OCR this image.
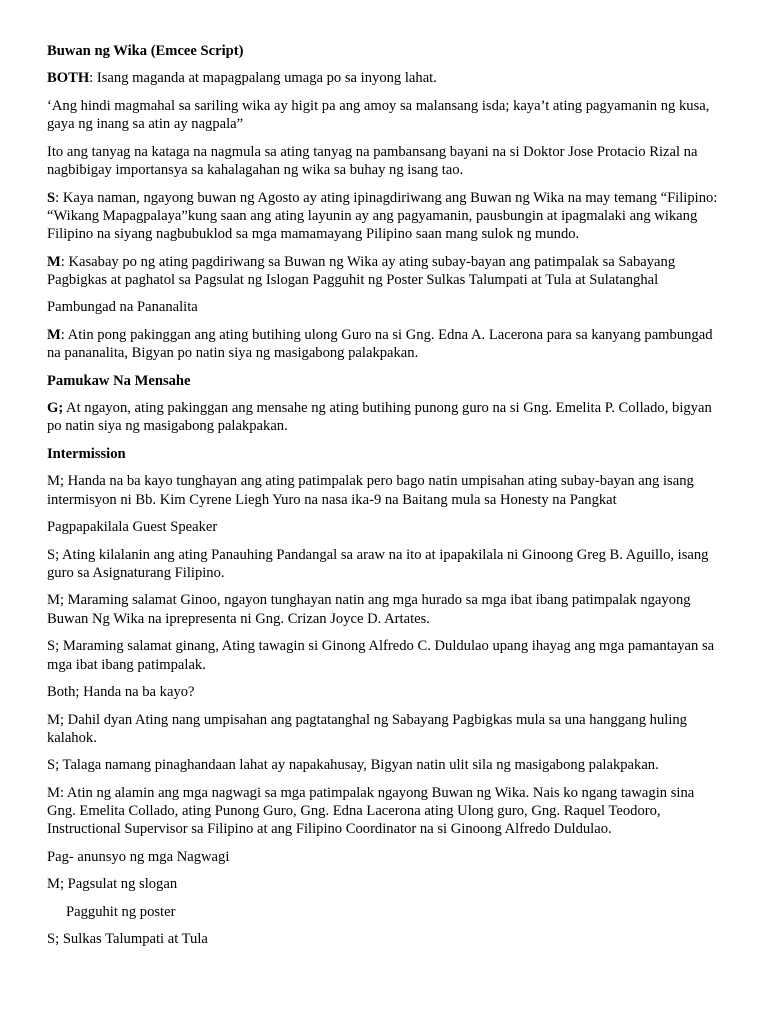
Buwan ng Wika (Emcee Script)

BOTH: Isang maganda at mapagpalang umaga po sa inyong lahat.

‘Ang hindi magmahal sa sariling wika ay higit pa ang amoy sa malansang isda; kaya’t ating pagyamanin ng kusa, gaya ng inang sa atin ay nagpala”

Ito ang tanyag na kataga na nagmula sa ating tanyag na pambansang bayani na si Doktor Jose Protacio Rizal na nagbibigay importansya sa kahalagahan ng wika sa buhay ng isang tao.

S: Kaya naman, ngayong buwan ng Agosto ay ating ipinagdiriwang ang Buwan ng Wika na may temang “Filipino: “Wikang Mapagpalaya”kung saan ang ating layunin ay ang pagyamanin, pausbungin at ipagmalaki ang wikang Filipino na siyang nagbubuklod sa mga mamamayang Pilipino saan mang sulok ng mundo.

M: Kasabay po ng ating pagdiriwang sa Buwan ng Wika ay ating subay-bayan ang patimpalak sa Sabayang Pagbigkas at paghatol sa Pagsulat ng Islogan Pagguhit ng Poster Sulkas Talumpati at Tula at Sulatanghal

Pambungad na Pananalita

M: Atin pong pakinggan ang ating butihing ulong Guro na si Gng. Edna A. Lacerona para sa kanyang pambungad na pananalita, Bigyan po natin siya ng masigabong palakpakan.

Pamukaw Na Mensahe

G; At ngayon, ating pakinggan ang mensahe ng ating butihing punong guro na si Gng. Emelita P. Collado, bigyan po natin siya ng masigabong palakpakan.

Intermission

M; Handa na ba kayo tunghayan ang ating patimpalak pero bago natin umpisahan ating subay-bayan ang isang intermisyon ni Bb. Kim Cyrene Liegh Yuro na nasa ika-9 na Baitang mula sa Honesty na Pangkat

Pagpapakilala Guest Speaker

S; Ating kilalanin ang ating Panauhing Pandangal sa araw na ito at ipapakilala ni Ginoong Greg B. Aguillo, isang guro sa Asignaturang Filipino.

M; Maraming salamat Ginoo, ngayon tunghayan natin ang mga hurado sa mga ibat ibang patimpalak ngayong Buwan Ng Wika na iprepresenta ni Gng. Crizan Joyce D. Artates.

S; Maraming salamat ginang, Ating tawagin si Ginong Alfredo C. Duldulao upang ihayag ang mga pamantayan sa mga ibat ibang patimpalak.

Both; Handa na ba kayo?

M; Dahil dyan Ating nang umpisahan ang pagtatanghal ng Sabayang Pagbigkas mula sa una hanggang huling kalahok.

S; Talaga namang pinaghandaan lahat ay napakahusay, Bigyan natin ulit sila ng masigabong palakpakan.

M: Atin ng alamin ang mga nagwagi sa mga patimpalak ngayong Buwan ng Wika. Nais ko ngang tawagin sina Gng. Emelita Collado, ating Punong Guro, Gng. Edna Lacerona ating Ulong guro, Gng. Raquel Teodoro, Instructional Supervisor sa Filipino at ang Filipino Coordinator na si Ginoong Alfredo Duldulao.

Pag- anunsyo ng mga Nagwagi

M; Pagsulat ng slogan

Pagguhit ng poster

S; Sulkas Talumpati at Tula
